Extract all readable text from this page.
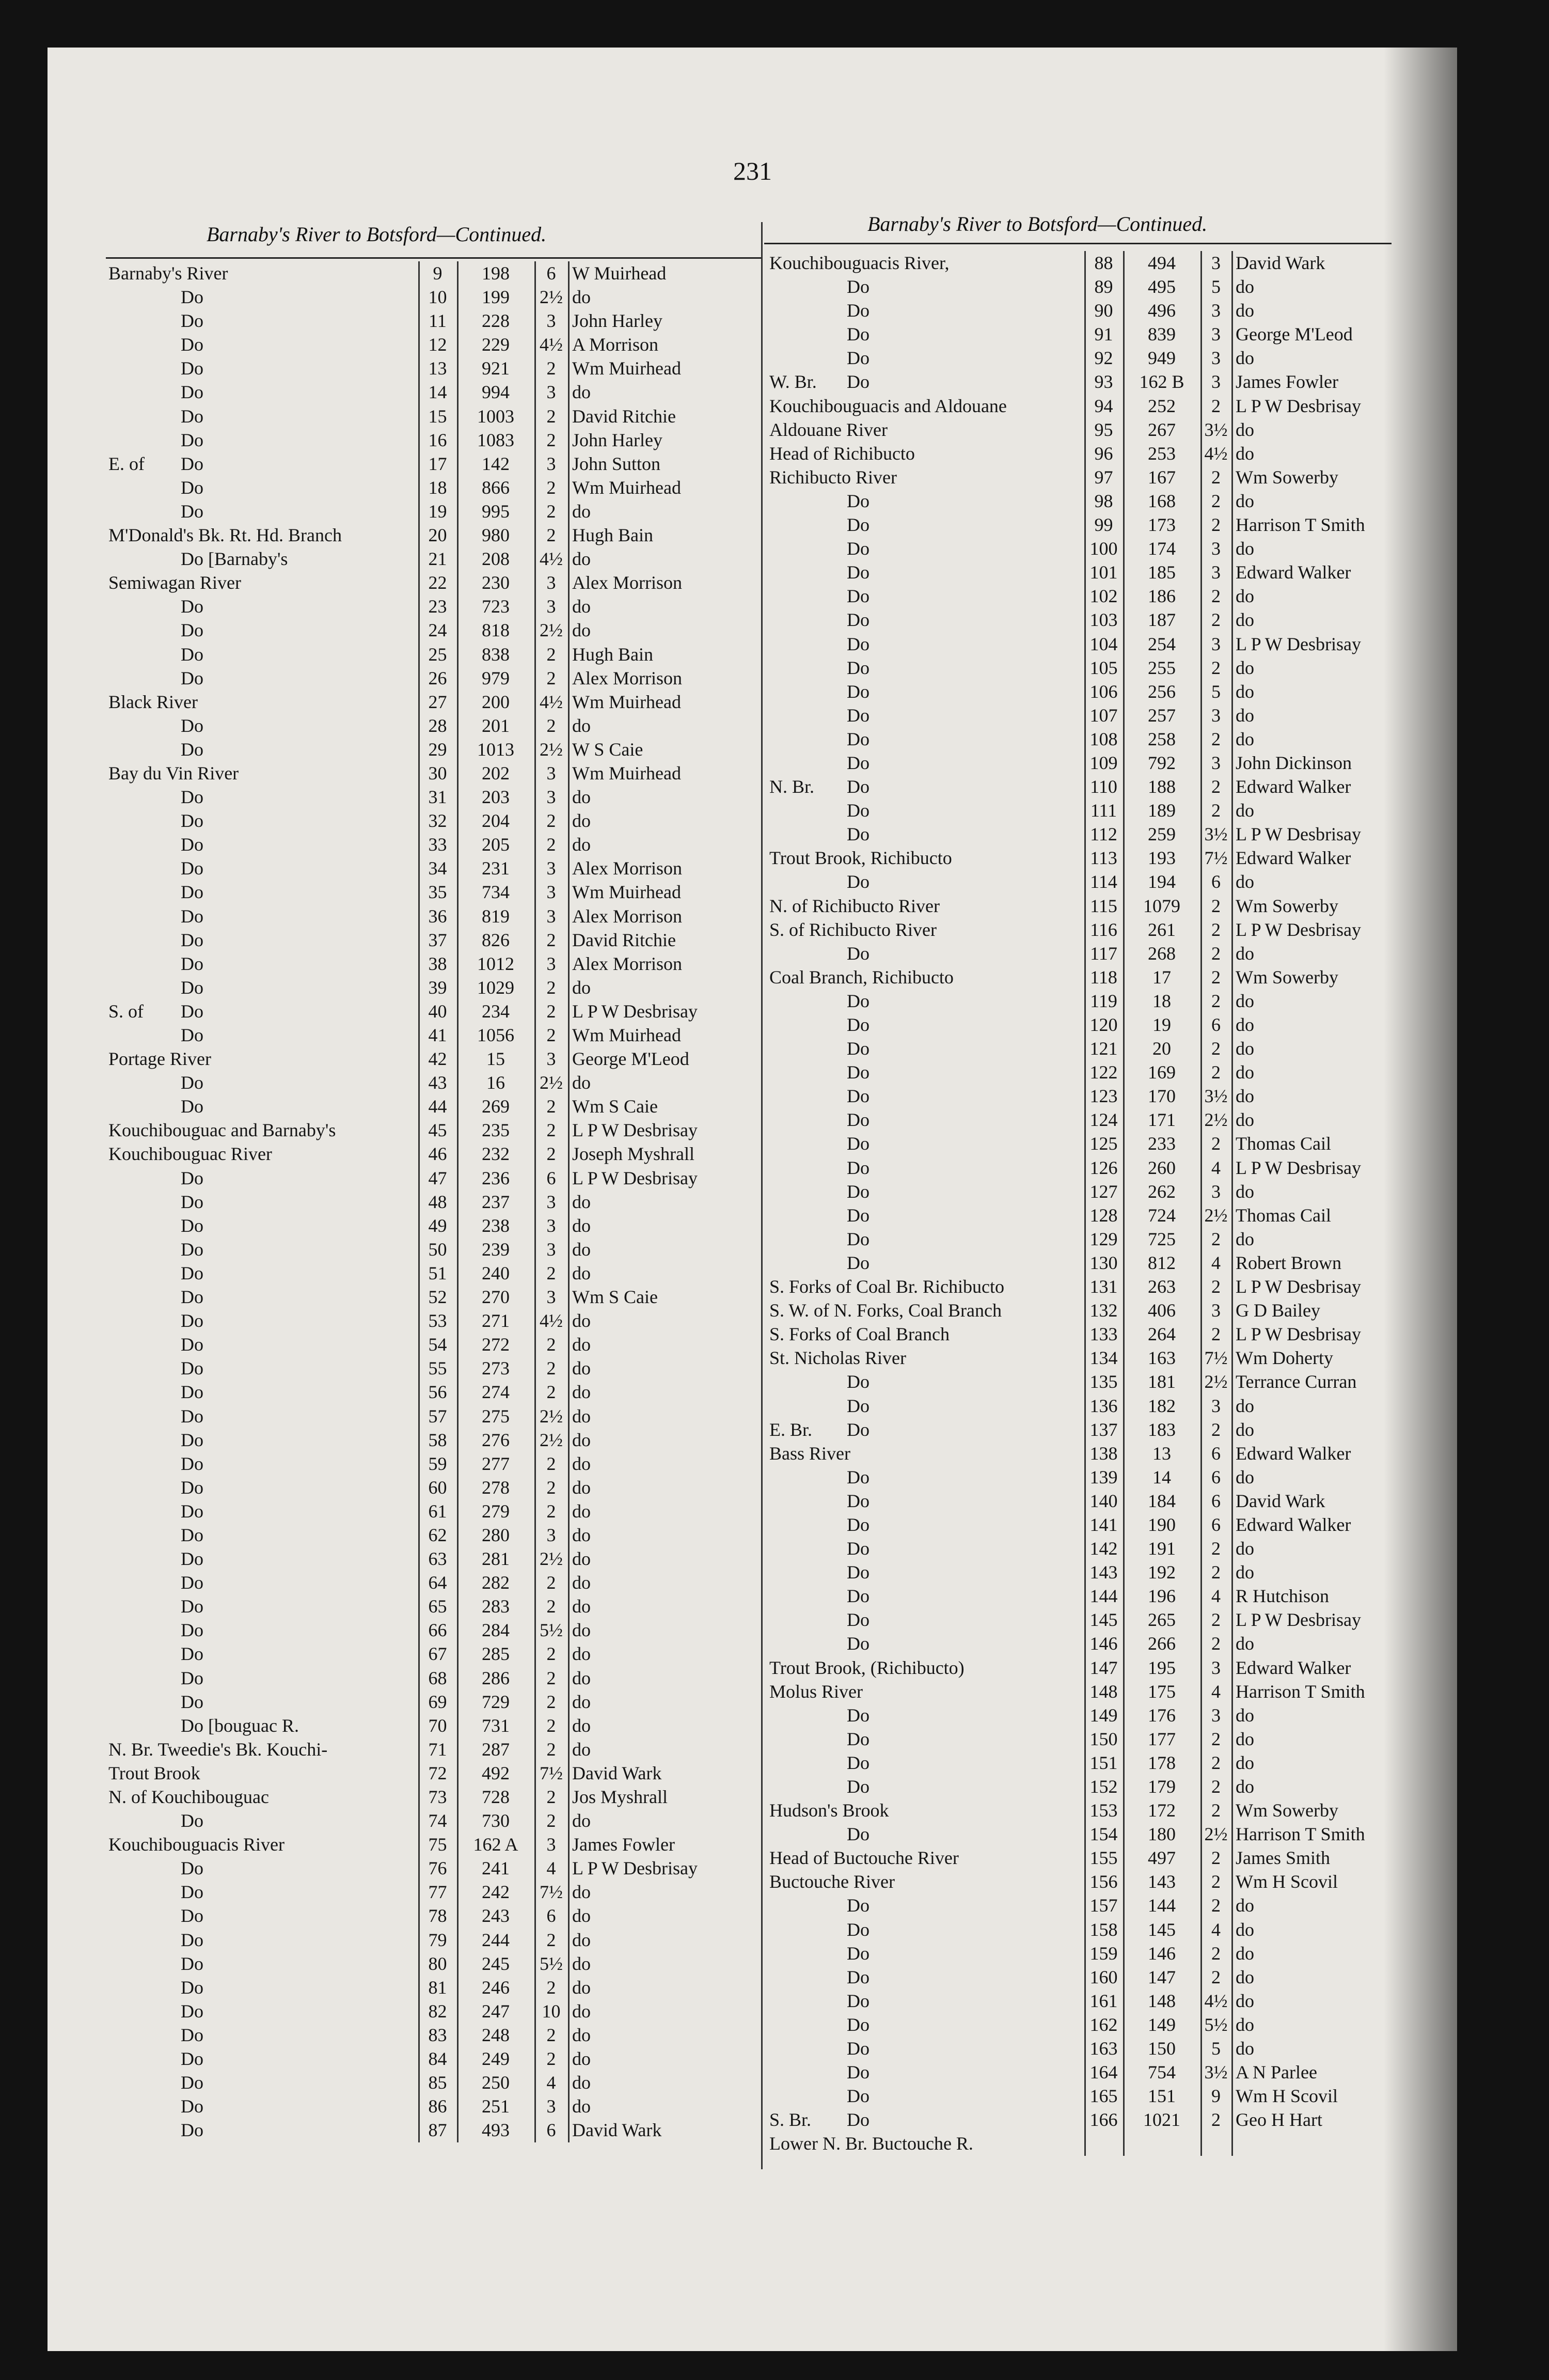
231
Barnaby's River to Botsford—Continued.	Barnaby's River to Botsford—Continued.
Barnaby's River	9	198	6 W Muirhead
Do	10	199	2½ do
Do	11	228	3 John Harley
Do	12	229	4½ A Morrison
Do	13	921	2 Wm Muirhead
Do	14	994	3 do
Do	15	1003	2 David Ritchie
Do	16	1083	2 John Harley
E. of Do	17	142	3 John Sutton
Do	18	866	2 Wm Muirhead
Do	19	995	2 do
M'Donald's Bk. Rt. Hd. Branch	20	980	2 Hugh Bain
Do [Barnaby's	21	208	4½ do
Semiwagan River	22	230	3 Alex Morrison
Do	23	723	3 do
Do	24	818	2½ do
Do	25	838	2 Hugh Bain
Do	26	979	2 Alex Morrison
Black River	27	200	4½ Wm Muirhead
Do	28	201	2 do
Do	29	1013	2½ W S Caie
Bay du Vin River	30	202	3 Wm Muirhead
Do	31	203	3 do
Do	32	204	2 do
Do	33	205	2 do
Do	34	231	3 Alex Morrison
Do	35	734	3 Wm Muirhead
Do	36	819	3 Alex Morrison
Do	37	826	2 David Ritchie
Do	38	1012	3 Alex Morrison
Do	39	1029	2 do
S. of Do	40	234	2 L P W Desbrisay
Do	41	1056	2 Wm Muirhead
Portage River	42	15	3 George M'Leod
Do	43	16	2½ do
Do	44	269	2 Wm S Caie
Kouchibouguac and Barnaby's	45	235	2 L P W Desbrisay
Kouchibouguac River	46	232	2 Joseph Myshrall
Do	47	236	6 L P W Desbrisay
Do	48	237	3 do
Do	49	238	3 do
Do	50	239	3 do
Do	51	240	2 do
Do	52	270	3 Wm S Caie
Do	53	271	4½ do
Do	54	272	2 do
Do	55	273	2 do
Do	56	274	2 do
Do	57	275	2½ do
Do	58	276	2½ do
Do	59	277	2 do
Do	60	278	2 do
Do	61	279	2 do
Do	62	280	3 do
Do	63	281	2½ do
Do	64	282	2 do
Do	65	283	2 do
Do	66	284	5½ do
Do	67	285	2 do
Do	68	286	2 do
Do	69	729	2 do
Do [bouguac R.	70	731	2 do
N. Br. Tweedie's Bk. Kouchi-	71	287	2 do
Trout Brook	72	492	7½ David Wark
N. of Kouchibouguac	73	728	2 Jos Myshrall
Do	74	730	2 do
Kouchibouguacis River	75	162 A	3 James Fowler
Do	76	241	4 L P W Desbrisay
Do	77	242	7½ do
Do	78	243	6 do
Do	79	244	2 do
Do	80	245	5½ do
Do	81	246	2 do
Do	82	247	10 do
Do	83	248	2 do
Do	84	249	2 do
Do	85	250	4 do
Do	86	251	3 do
Do	87	493	6 David Wark
Kouchibouguacis River,	88	494	3 David Wark
Do	89	495	5 do
Do	90	496	3 do
Do	91	839	3 George M'Leod
Do	92	949	3 do
W. Br. Do	93	162 B	3 James Fowler
Kouchibouguacis and Aldouane	94	252	2 L P W Desbrisay
Aldouane River	95	267	3½ do
Head of Richibucto	96	253	4½ do
Richibucto River	97	167	2 Wm Sowerby
Do	98	168	2 do
Do	99	173	2 Harrison T Smith
Do	100	174	3 do
Do	101	185	3 Edward Walker
Do	102	186	2 do
Do	103	187	2 do
Do	104	254	3 L P W Desbrisay
Do	105	255	2 do
Do	106	256	5 do
Do	107	257	3 do
Do	108	258	2 do
Do	109	792	3 John Dickinson
N. Br. Do	110	188	2 Edward Walker
Do	111	189	2 do
Do	112	259	3½ L P W Desbrisay
Trout Brook, Richibucto	113	193	7½ Edward Walker
Do	114	194	6 do
N. of Richibucto River	115	1079	2 Wm Sowerby
S. of Richibucto River	116	261	2 L P W Desbrisay
Do	117	268	2 do
Coal Branch, Richibucto	118	17	2 Wm Sowerby
Do	119	18	2 do
Do	120	19	6 do
Do	121	20	2 do
Do	122	169	2 do
Do	123	170	3½ do
Do	124	171	2½ do
Do	125	233	2 Thomas Cail
Do	126	260	4 L P W Desbrisay
Do	127	262	3 do
Do	128	724	2½ Thomas Cail
Do	129	725	2 do
Do	130	812	4 Robert Brown
S. Forks of Coal Br. Richibucto	131	263	2 L P W Desbrisay
S. W. of N. Forks, Coal Branch	132	406	3 G D Bailey
S. Forks of Coal Branch	133	264	2 L P W Desbrisay
St. Nicholas River	134	163	7½ Wm Doherty
Do	135	181	2½ Terrance Curran
Do	136	182	3 do
E. Br. Do	137	183	2 do
Bass River	138	13	6 Edward Walker
Do	139	14	6 do
Do	140	184	6 David Wark
Do	141	190	6 Edward Walker
Do	142	191	2 do
Do	143	192	2 do
Do	144	196	4 R Hutchison
Do	145	265	2 L P W Desbrisay
Do	146	266	2 do
Trout Brook, (Richibucto)	147	195	3 Edward Walker
Molus River	148	175	4 Harrison T Smith
Do	149	176	3 do
Do	150	177	2 do
Do	151	178	2 do
Do	152	179	2 do
Hudson's Brook	153	172	2 Wm Sowerby
Do	154	180	2½ Harrison T Smith
Head of Buctouche River	155	497	2 James Smith
Buctouche River	156	143	2 Wm H Scovil
Do	157	144	2 do
Do	158	145	4 do
Do	159	146	2 do
Do	160	147	2 do
Do	161	148	4½ do
Do	162	149	5½ do
Do	163	150	5 do
Do	164	754	3½ A N Parlee
Do	165	151	9 Wm H Scovil
S. Br. Do	166	1021	2 Geo H Hart
Lower N. Br. Buctouche R.
